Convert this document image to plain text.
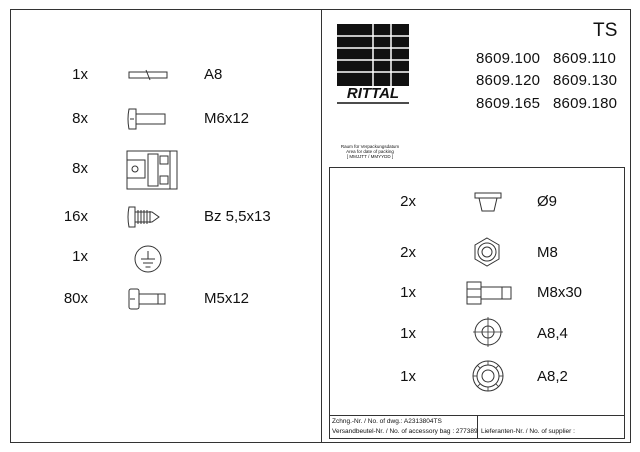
1x	A8
8x	M6x12
8x
16x	Bz 5,5x13
1x
80x	M5x12
RITTAL
TS
8609.100 8609.110
8609.120 8609.130
8609.165 8609.180
Raum für Verpackungsdatum
Area for date of packing
[ MMJJTT / MMYYDD ]
2x	Ø9
2x	M8
1x	M8x30
1x	A8,4
1x	A8,2
Zchng.-Nr. / No. of dwg.: A2313804TS
Versandbeutel-Nr. / No. of accessory bag : 277389 Lieferanten-Nr. / No. of supplier :
